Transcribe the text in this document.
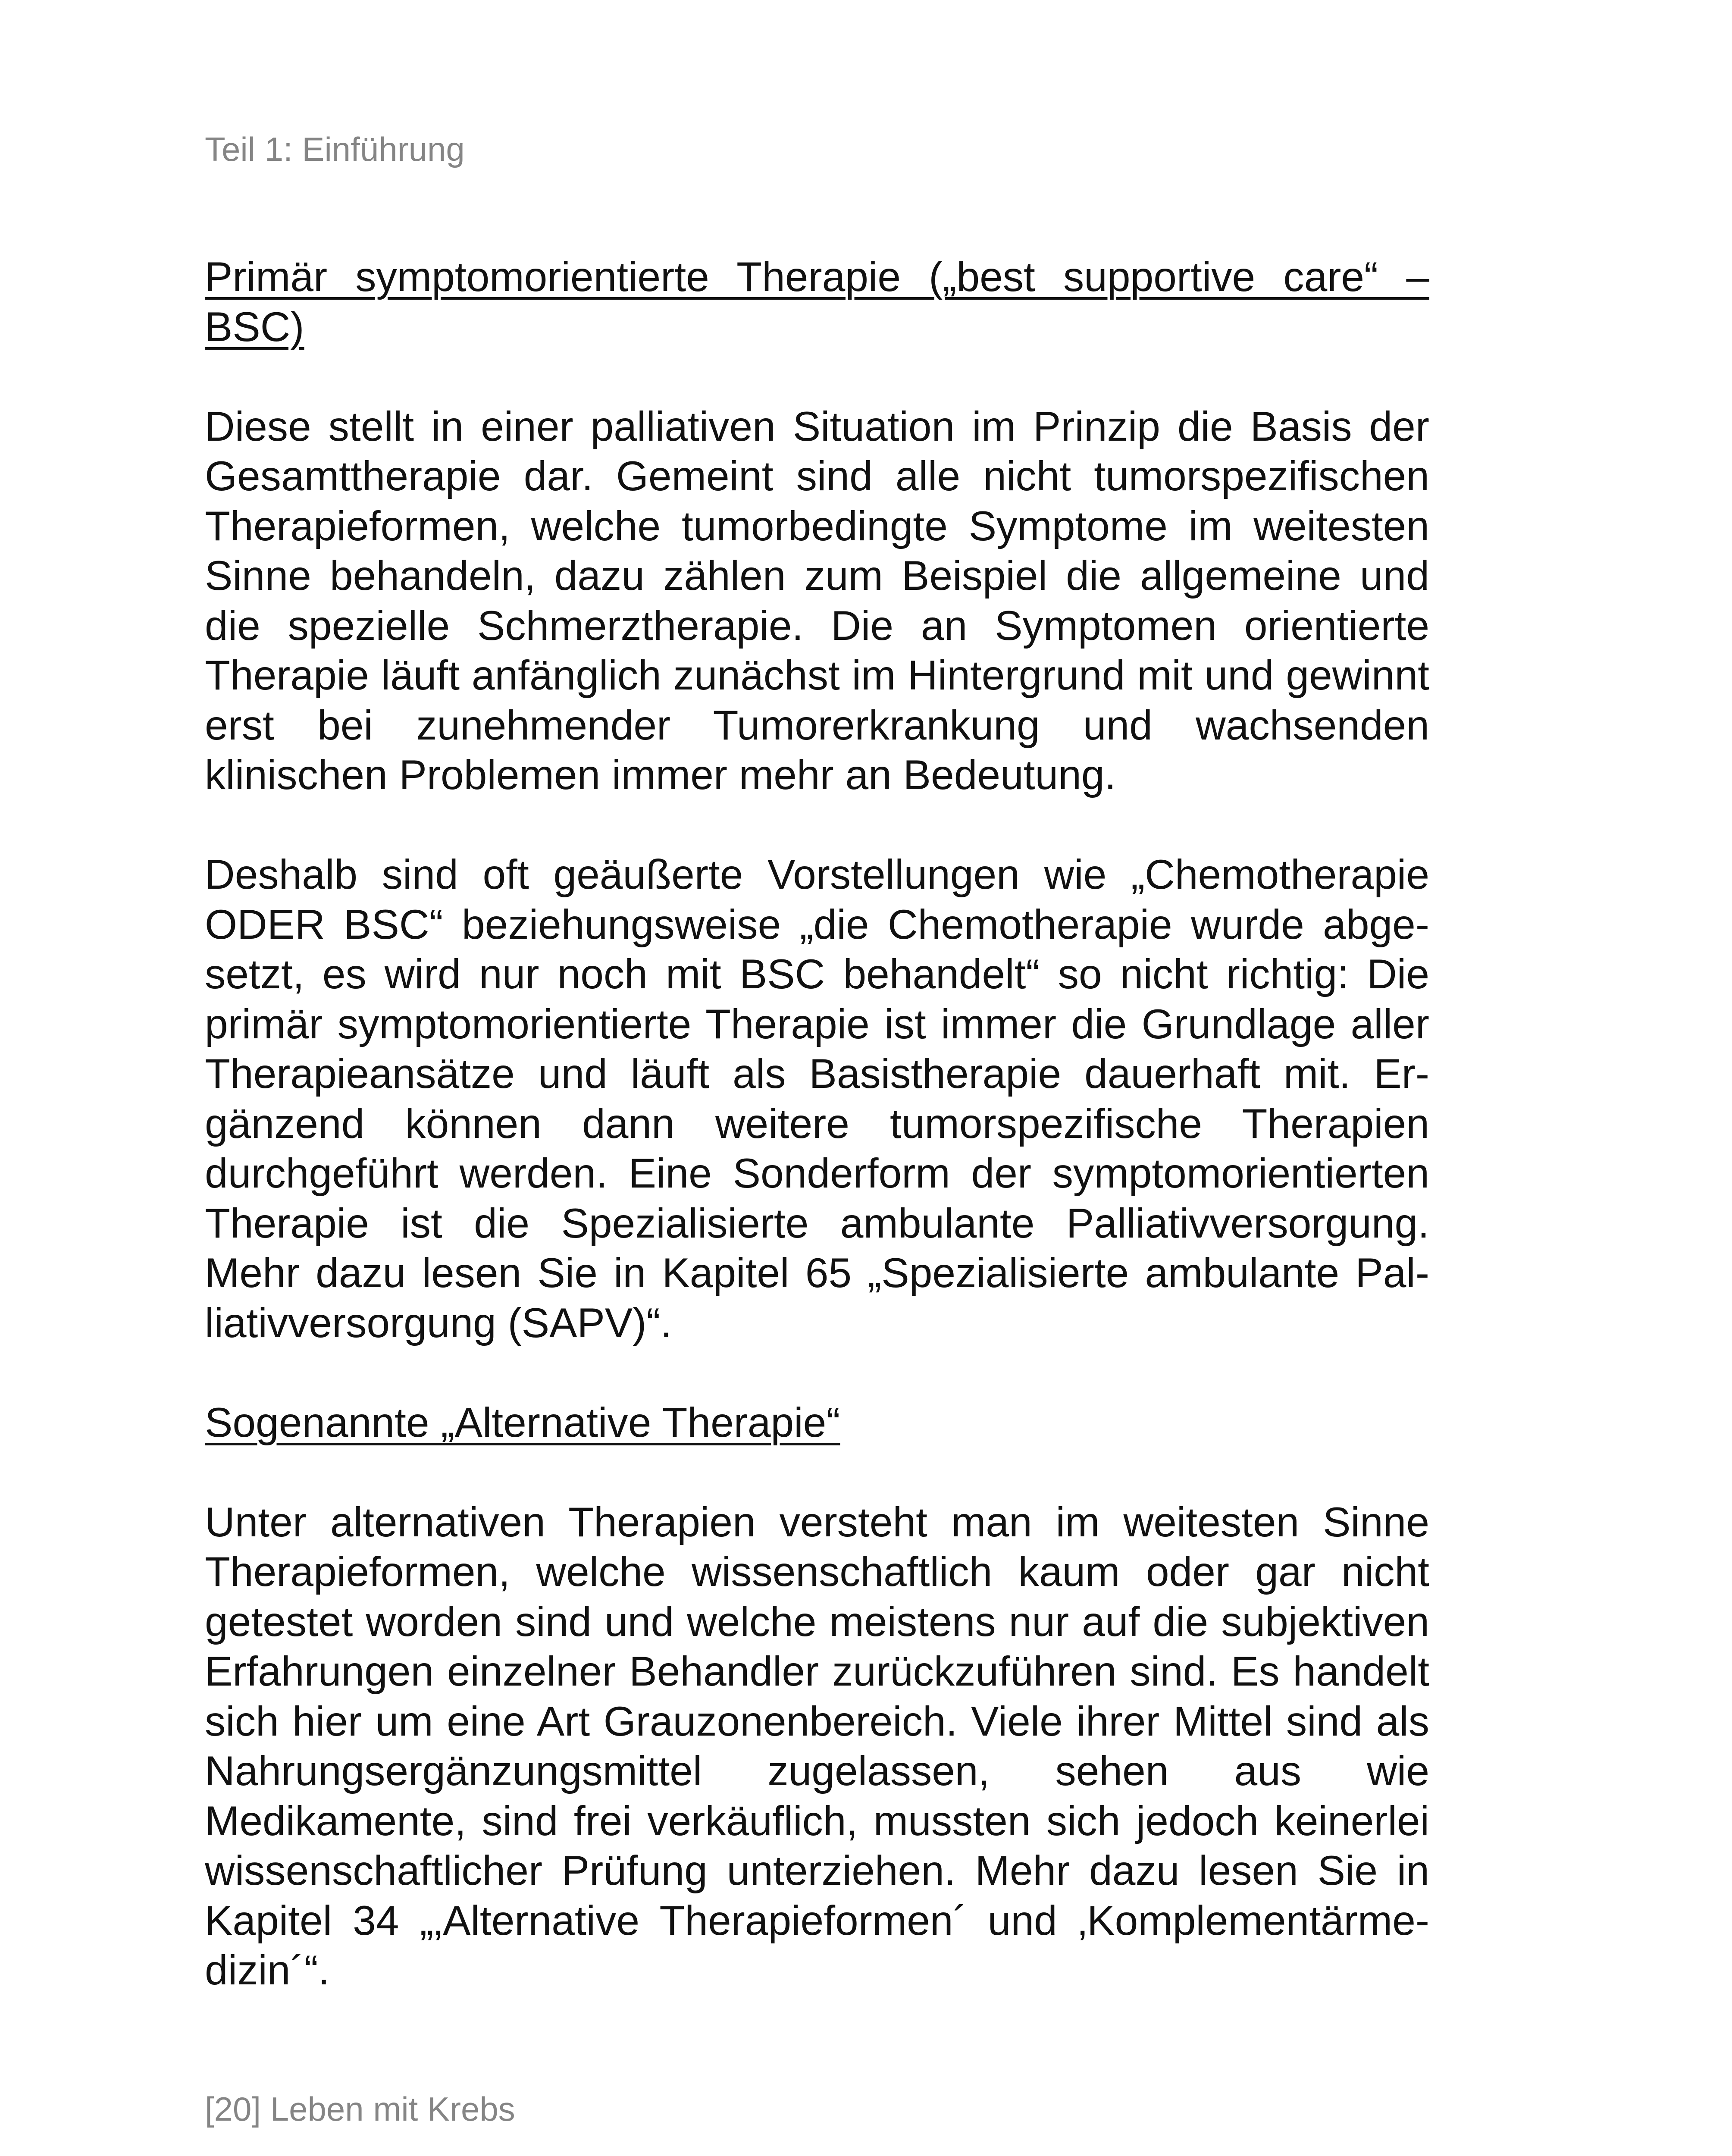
Teil 1: Einführung
Primär symptomorientierte Therapie („best supportive care“ – BSC)

Diese stellt in einer palliativen Situation im Prinzip die Basis der Gesamttherapie dar. Gemeint sind alle nicht tumorspezifischen Therapieformen, welche tumorbedingte Symptome im weitesten Sinne behandeln, dazu zählen zum Beispiel die allgemeine und die spezielle Schmerztherapie. Die an Symptomen orientierte Therapie läuft anfänglich zunächst im Hintergrund mit und gewinnt erst bei zunehmender Tumorerkrankung und wachsenden klinischen Problemen immer mehr an Bedeutung.

Deshalb sind oft geäußerte Vorstellungen wie „Chemotherapie ODER BSC“ beziehungsweise „die Chemotherapie wurde abgesetzt, es wird nur noch mit BSC behandelt“ so nicht richtig: Die primär symptomorientierte Therapie ist immer die Grundlage aller Therapieansätze und läuft als Basistherapie dauerhaft mit. Ergänzend können dann weitere tumorspezifische Therapien durchgeführt werden. Eine Sonderform der symptomorientierten Therapie ist die Spezialisierte ambulante Palliativversorgung. Mehr dazu lesen Sie in Kapitel 65 „Spezialisierte ambulante Palliativversorgung (SAPV)“.

Sogenannte „Alternative Therapie“

Unter alternativen Therapien versteht man im weitesten Sinne Therapieformen, welche wissenschaftlich kaum oder gar nicht getestet worden sind und welche meistens nur auf die subjektiven Erfahrungen einzelner Behandler zurückzuführen sind. Es handelt sich hier um eine Art Grauzonenbereich. Viele ihrer Mittel sind als Nahrungsergänzungsmittel zugelassen, sehen aus wie Medikamente, sind frei verkäuflich, mussten sich jedoch keinerlei wissenschaftlicher Prüfung unterziehen. Mehr dazu lesen Sie in Kapitel 34 „‚Alternative Therapieformen´ und ‚Komplementärmedizin´“.

[20] Leben mit Krebs
